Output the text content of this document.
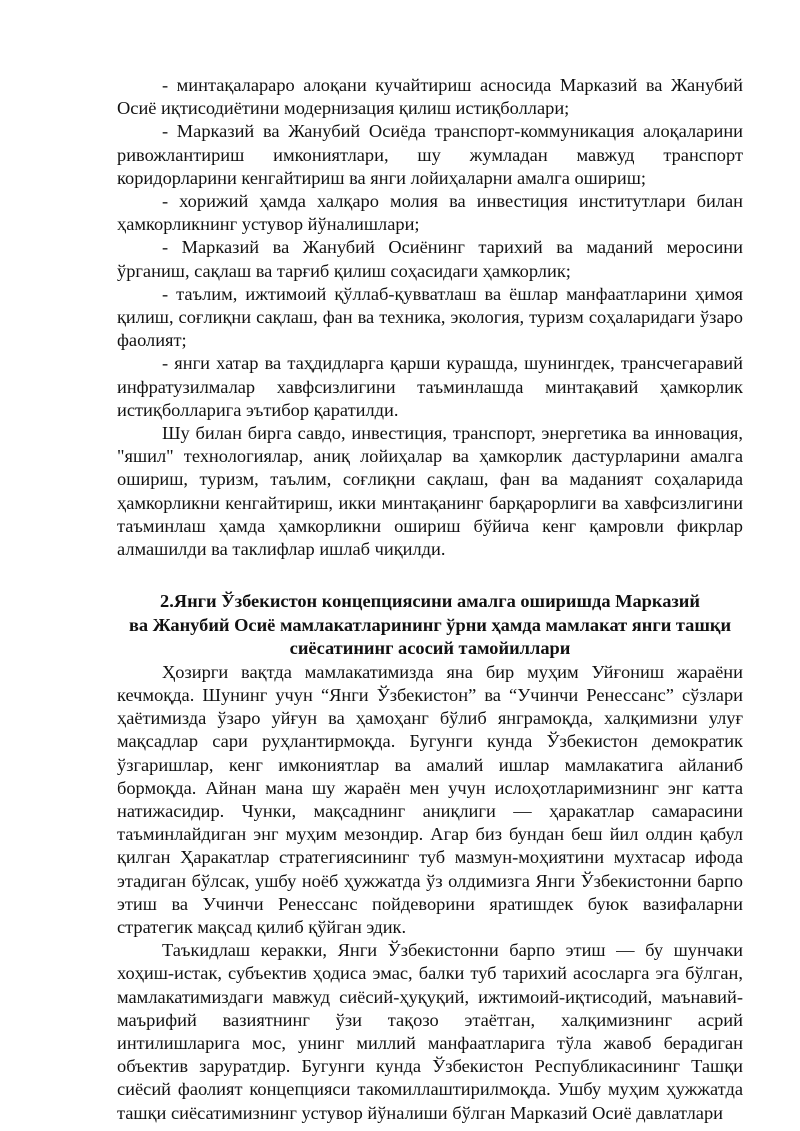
- минтақалараро алоқани кучайтириш асносида Марказий ва Жанубий Осиё иқтисодиётини модернизация қилиш истиқболлари;

- Марказий ва Жанубий Осиёда транспорт-коммуникация алоқаларини ривожлантириш имкониятлари, шу жумладан мавжуд транспорт коридорларини кенгайтириш ва янги лойиҳаларни амалга ошириш;

- хорижий ҳамда халқаро молия ва инвестиция институтлари билан ҳамкорликнинг устувор йўналишлари;

- Марказий ва Жанубий Осиёнинг тарихий ва маданий меросини ўрганиш, сақлаш ва тарғиб қилиш соҳасидаги ҳамкорлик;

- таълим, ижтимоий қўллаб-қувватлаш ва ёшлар манфаатларини ҳимоя қилиш, соғлиқни сақлаш, фан ва техника, экология, туризм соҳаларидаги ўзаро фаолият;

- янги хатар ва таҳдидларга қарши курашда, шунингдек, трансчегаравий инфратузилмалар хавфсизлигини таъминлашда минтақавий ҳамкорлик истиқболларига эътибор қаратилди.

Шу билан бирга савдо, инвестиция, транспорт, энергетика ва инновация, "яшил" технологиялар, аниқ лойиҳалар ва ҳамкорлик дастурларини амалга ошириш, туризм, таълим, соғлиқни сақлаш, фан ва маданият соҳаларида ҳамкорликни кенгайтириш, икки минтақанинг барқарорлиги ва хавфсизлигини таъминлаш ҳамда ҳамкорликни ошириш бўйича кенг қамровли фикрлар алмашилди ва таклифлар ишлаб чиқилди.

2.Янги Ўзбекистон концепциясини амалга оширишда Марказий
ва Жанубий Осиё мамлакатларининг ўрни ҳамда мамлакат янги ташқи
сиёсатининг асосий тамойиллари

Ҳозирги вақтда мамлакатимизда яна бир муҳим Уйғониш жараёни кечмоқда. Шунинг учун “Янги Ўзбекистон” ва “Учинчи Ренессанс” сўзлари ҳаётимизда ўзаро уйғун ва ҳамоҳанг бўлиб янграмоқда, халқимизни улуғ мақсадлар сари руҳлантирмоқда. Бугунги кунда Ўзбекистон демократик ўзгаришлар, кенг имкониятлар ва амалий ишлар мамлакатига айланиб бормоқда. Айнан мана шу жараён мен учун ислоҳотларимизнинг энг катта натижасидир. Чунки, мақсаднинг аниқлиги — ҳаракатлар самарасини таъминлайдиган энг муҳим мезондир. Агар биз бундан беш йил олдин қабул қилган Ҳаракатлар стратегиясининг туб мазмун-моҳиятини мухтасар ифода этадиган бўлсак, ушбу ноёб ҳужжатда ўз олдимизга Янги Ўзбекистонни барпо этиш ва Учинчи Ренессанс пойдеворини яратишдек буюк вазифаларни стратегик мақсад қилиб қўйган эдик.

Таъкидлаш керакки, Янги Ўзбекистонни барпо этиш — бу шунчаки хоҳиш-истак, субъектив ҳодиса эмас, балки туб тарихий асосларга эга бўлган, мамлакатимиздаги мавжуд сиёсий-ҳуқуқий, ижтимоий-иқтисодий, маънавий-маърифий вазиятнинг ўзи тақозо этаётган, халқимизнинг асрий интилишларига мос, унинг миллий манфаатларига тўла жавоб берадиган объектив заруратдир. Бугунги кунда Ўзбекистон Республикасининг Ташқи сиёсий фаолият концепцияси такомиллаштирилмоқда. Ушбу муҳим ҳужжатда ташқи сиёсатимизнинг устувор йўналиши бўлган Марказий Осиё давлатлари
